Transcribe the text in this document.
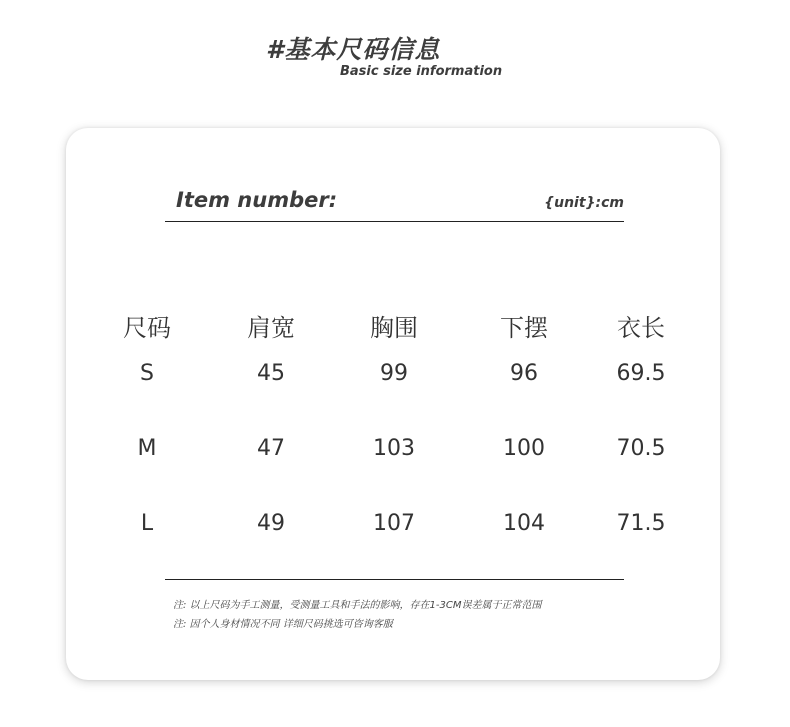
#基本尺码信息
Basic size information
Item number:	{unit}:cm
尺码	肩宽	胸围	下摆	衣长
S	45	99	96	69.5
M	47	103	100	70.5
L	49	107	104	71.5
注: 以上尺码为手工测量，受测量工具和手法的影响，存在1-3CM误差属于正常范围
注: 因个人身材情况不同 详细尺码挑选可咨询客服
